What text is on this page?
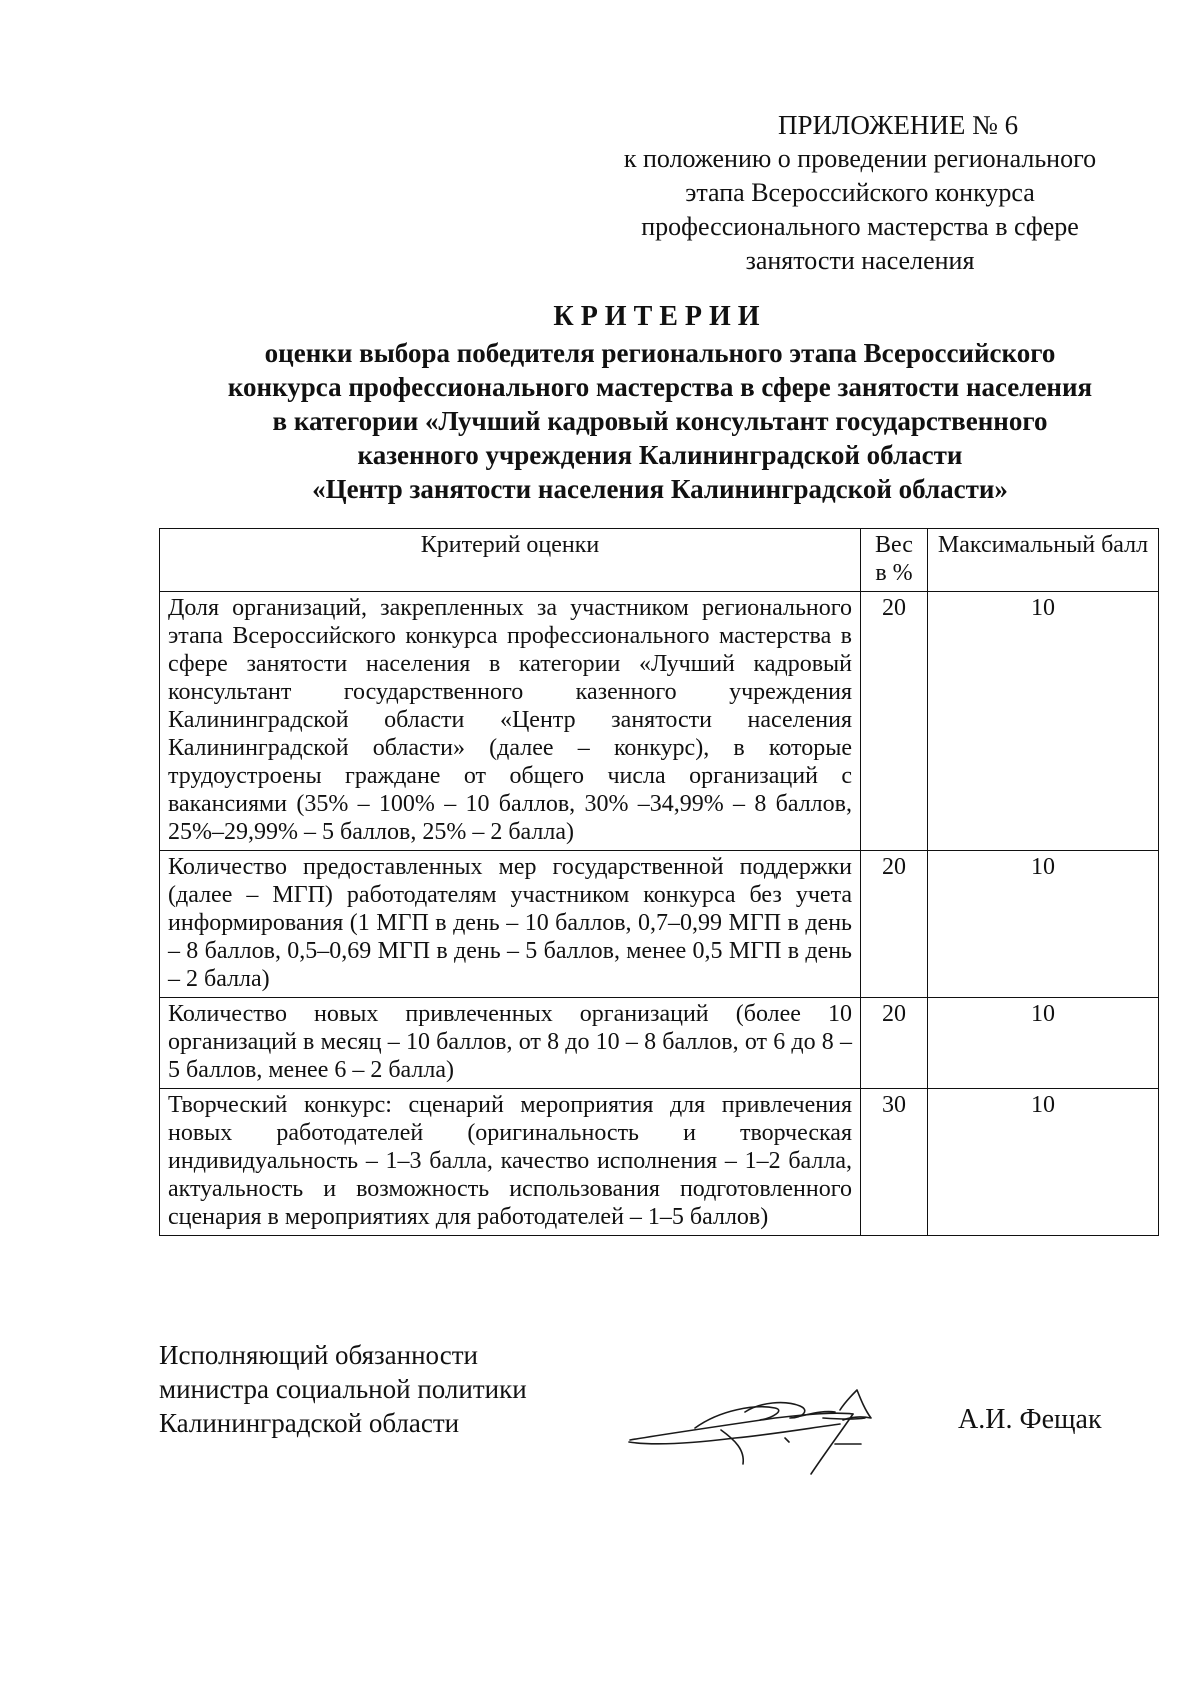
ПРИЛОЖЕНИЕ № 6
к положению о проведении регионального
этапа Всероссийского конкурса
профессионального мастерства в сфере
занятости населения
КРИТЕРИИ
оценки выбора победителя регионального этапа Всероссийского
конкурса профессионального мастерства в сфере занятости населения
в категории «Лучший кадровый консультант государственного
казенного учреждения Калининградской области
«Центр занятости населения Калининградской области»
Критерий оценки	Вес в %	Максимальный балл
Доля организаций, закрепленных за участником регионального этапа Всероссийского конкурса профессионального мастерства в сфере занятости населения в категории «Лучший кадровый консультант государственного казенного учреждения Калининградской области «Центр занятости населения Калининградской области» (далее – конкурс), в которые трудоустроены граждане от общего числа организаций с вакансиями (35% – 100% – 10 баллов, 30% –34,99% – 8 баллов, 25%–29,99% – 5 баллов, 25% – 2 балла)	20	10
Количество предоставленных мер государственной поддержки (далее – МГП) работодателям участником конкурса без учета информирования (1 МГП в день – 10 баллов, 0,7–0,99 МГП в день – 8 баллов, 0,5–0,69 МГП в день – 5 баллов, менее 0,5 МГП в день – 2 балла)	20	10
Количество новых привлеченных организаций (более 10 организаций в месяц – 10 баллов, от 8 до 10 – 8 баллов, от 6 до 8 – 5 баллов, менее 6 – 2 балла)	20	10
Творческий конкурс: сценарий мероприятия для привлечения новых работодателей (оригинальность и творческая индивидуальность – 1–3 балла, качество исполнения – 1–2 балла, актуальность и возможность использования подготовленного сценария в мероприятиях для работодателей – 1–5 баллов)	30	10
Исполняющий обязанности
министра социальной политики
Калининградской области	А.И. Фещак
